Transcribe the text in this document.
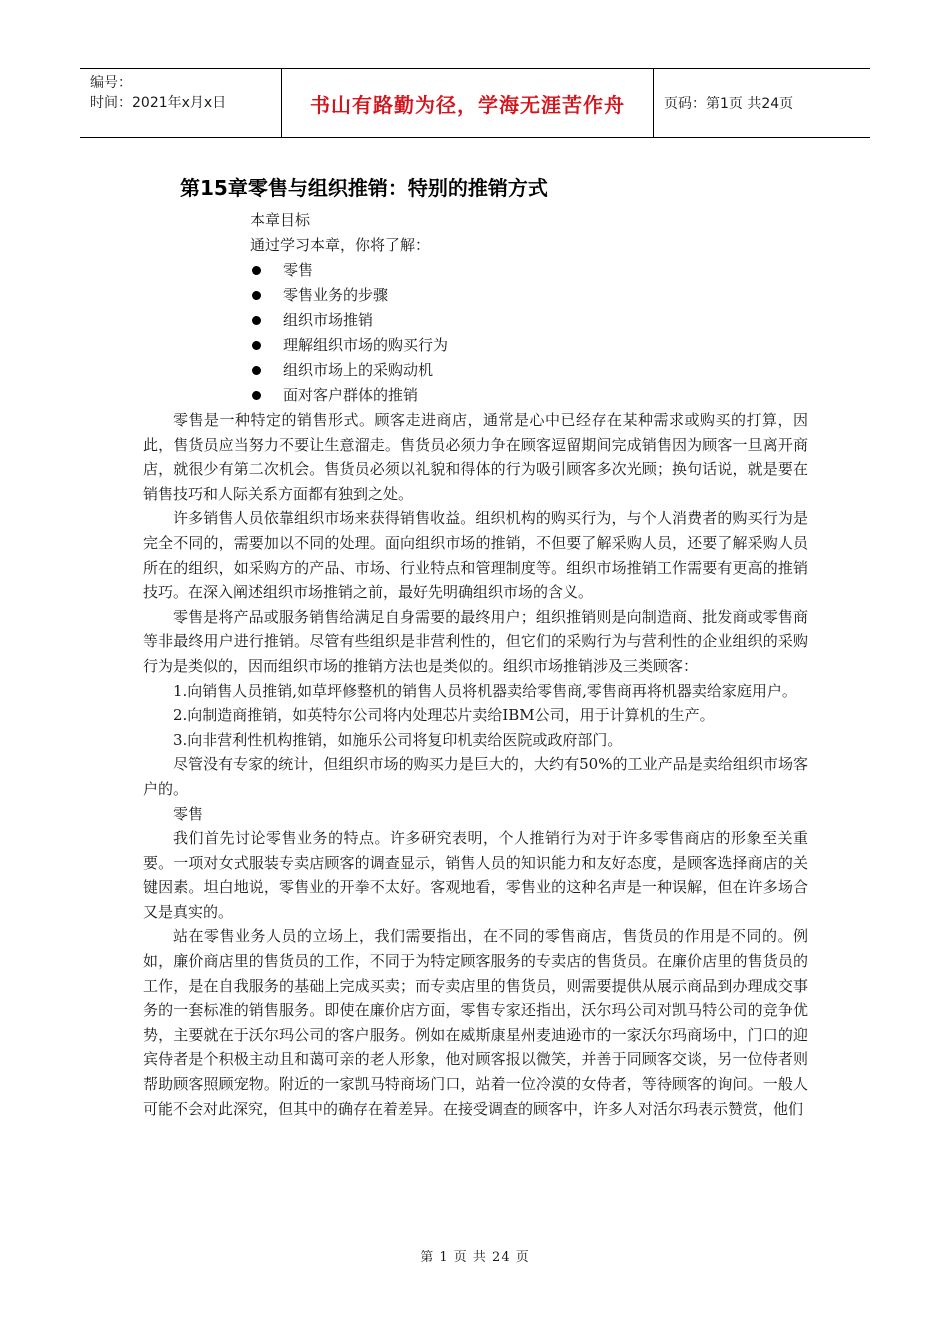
编号：
时间：2021年x月x日	书山有路勤为径，学海无涯苦作舟	页码：第1页 共24页
第15章零售与组织推销：特别的推销方式
本章目标
通过学习本章，你将了解：
零售
零售业务的步骤
组织市场推销
理解组织市场的购买行为
组织市场上的采购动机
面对客户群体的推销

零售是一种特定的销售形式。顾客走进商店，通常是心中已经存在某种需求或购买的打算，因此，售货员应当努力不要让生意溜走。售货员必须力争在顾客逗留期间完成销售因为顾客一旦离开商店，就很少有第二次机会。售货员必须以礼貌和得体的行为吸引顾客多次光顾；换句话说，就是要在销售技巧和人际关系方面都有独到之处。

许多销售人员依靠组织市场来获得销售收益。组织机构的购买行为，与个人消费者的购买行为是完全不同的，需要加以不同的处理。面向组织市场的推销，不但要了解采购人员，还要了解采购人员所在的组织，如采购方的产品、市场、行业特点和管理制度等。组织市场推销工作需要有更高的推销技巧。在深入阐述组织市场推销之前，最好先明确组织市场的含义。

零售是将产品或服务销售给满足自身需要的最终用户；组织推销则是向制造商、批发商或零售商等非最终用户进行推销。尽管有些组织是非营利性的，但它们的采购行为与营利性的企业组织的采购行为是类似的，因而组织市场的推销方法也是类似的。组织市场推销涉及三类顾客：

1.向销售人员推销,如草坪修整机的销售人员将机器卖给零售商,零售商再将机器卖给家庭用户。

2.向制造商推销，如英特尔公司将内处理芯片卖给IBM公司，用于计算机的生产。

3.向非营利性机构推销，如施乐公司将复印机卖给医院或政府部门。

尽管没有专家的统计，但组织市场的购买力是巨大的，大约有50%的工业产品是卖给组织市场客户的。

零售

我们首先讨论零售业务的特点。许多研究表明，个人推销行为对于许多零售商店的形象至关重要。一项对女式服装专卖店顾客的调查显示，销售人员的知识能力和友好态度，是顾客选择商店的关键因素。坦白地说，零售业的开拳不太好。客观地看，零售业的这种名声是一种误解，但在许多场合又是真实的。

站在零售业务人员的立场上，我们需要指出，在不同的零售商店，售货员的作用是不同的。例如，廉价商店里的售货员的工作，不同于为特定顾客服务的专卖店的售货员。在廉价店里的售货员的工作，是在自我服务的基础上完成买卖；而专卖店里的售货员，则需要提供从展示商品到办理成交事务的一套标准的销售服务。即使在廉价店方面，零售专家还指出，沃尔玛公司对凯马特公司的竞争优势，主要就在于沃尔玛公司的客户服务。例如在威斯康星州麦迪逊市的一家沃尔玛商场中，门口的迎宾侍者是个积极主动且和蔼可亲的老人形象，他对顾客报以微笑，并善于同顾客交谈，另一位侍者则帮助顾客照顾宠物。附近的一家凯马特商场门口，站着一位冷漠的女侍者，等待顾客的询问。一般人可能不会对此深究，但其中的确存在着差异。在接受调查的顾客中，许多人对活尔玛表示赞赏，他们

第 1 页 共 24 页
